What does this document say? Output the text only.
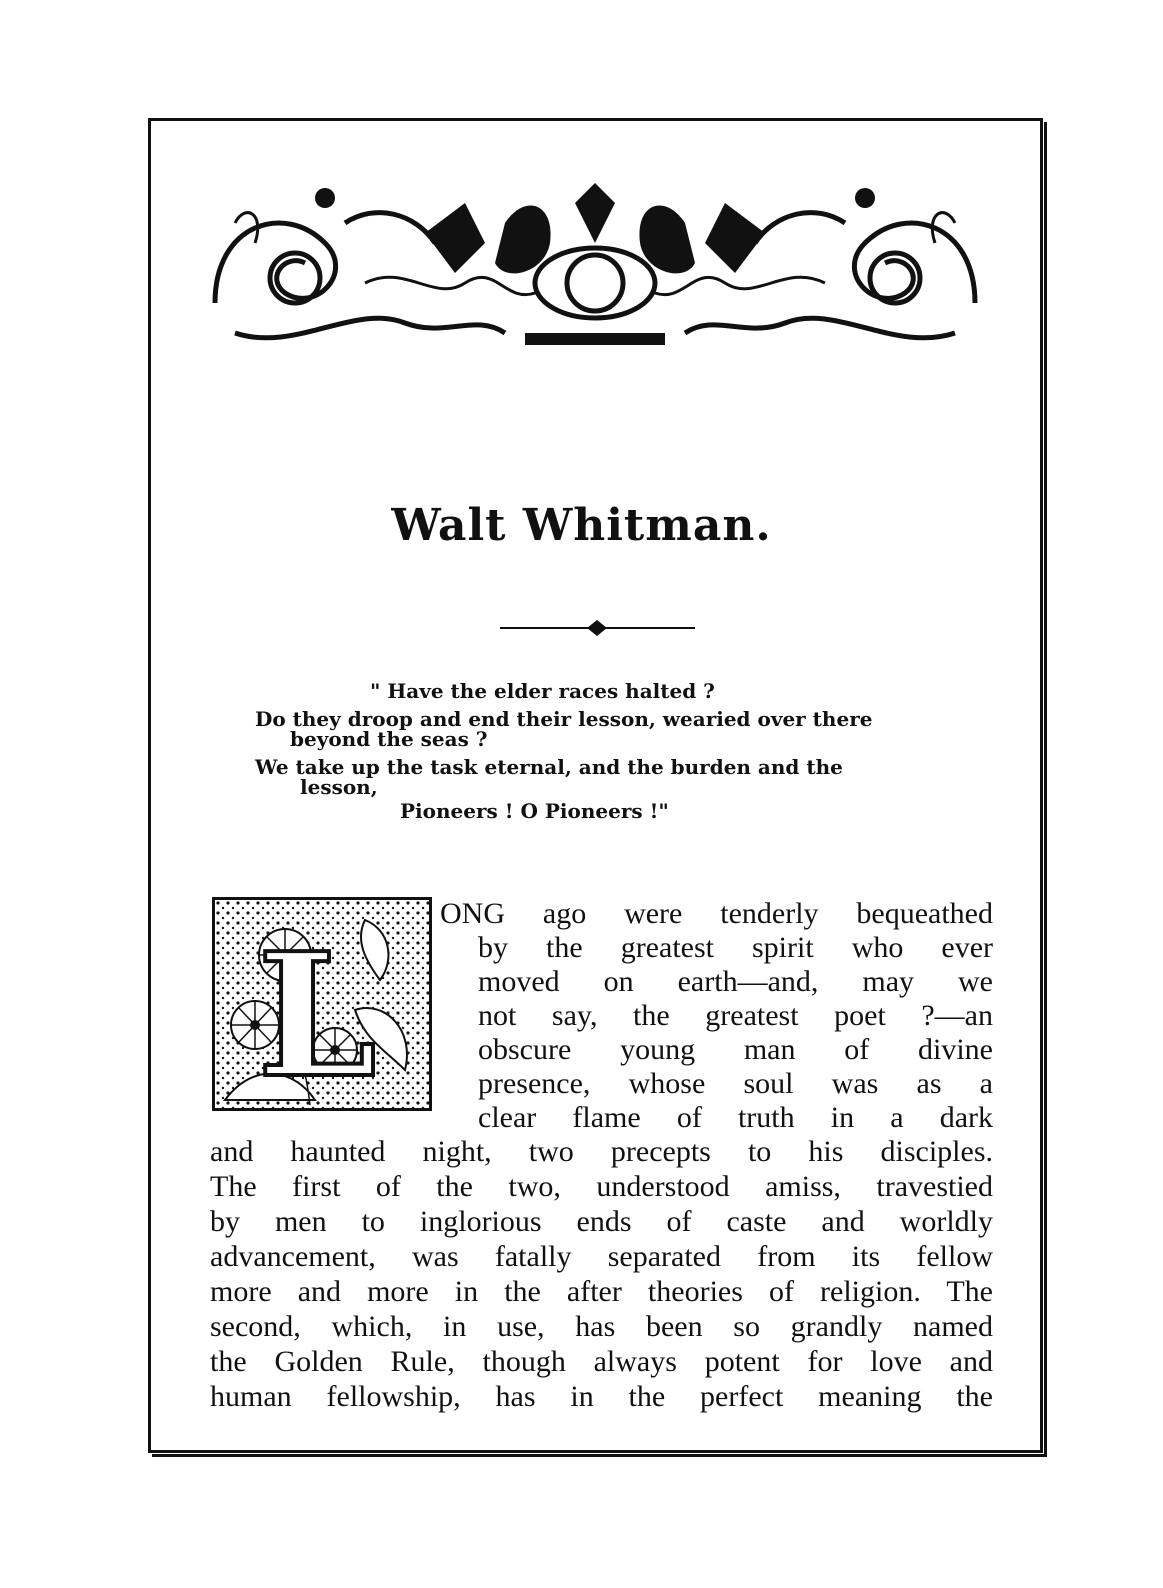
Walt Whitman.
" Have the elder races halted ?
Do they droop and end their lesson, wearied over there
beyond the seas ?
We take up the task eternal, and the burden and the
lesson,
Pioneers ! O Pioneers !"
L
ONG ago were tenderly bequeathed
by the greatest spirit who ever
moved on earth—and, may we
not say, the greatest poet ?—an
obscure young man of divine
presence, whose soul was as a
clear flame of truth in a dark
and haunted night, two precepts to his disciples.
The first of the two, understood amiss, travestied
by men to inglorious ends of caste and worldly
advancement, was fatally separated from its fellow
more and more in the after theories of religion. The
second, which, in use, has been so grandly named
the Golden Rule, though always potent for love and
human fellowship, has in the perfect meaning the
